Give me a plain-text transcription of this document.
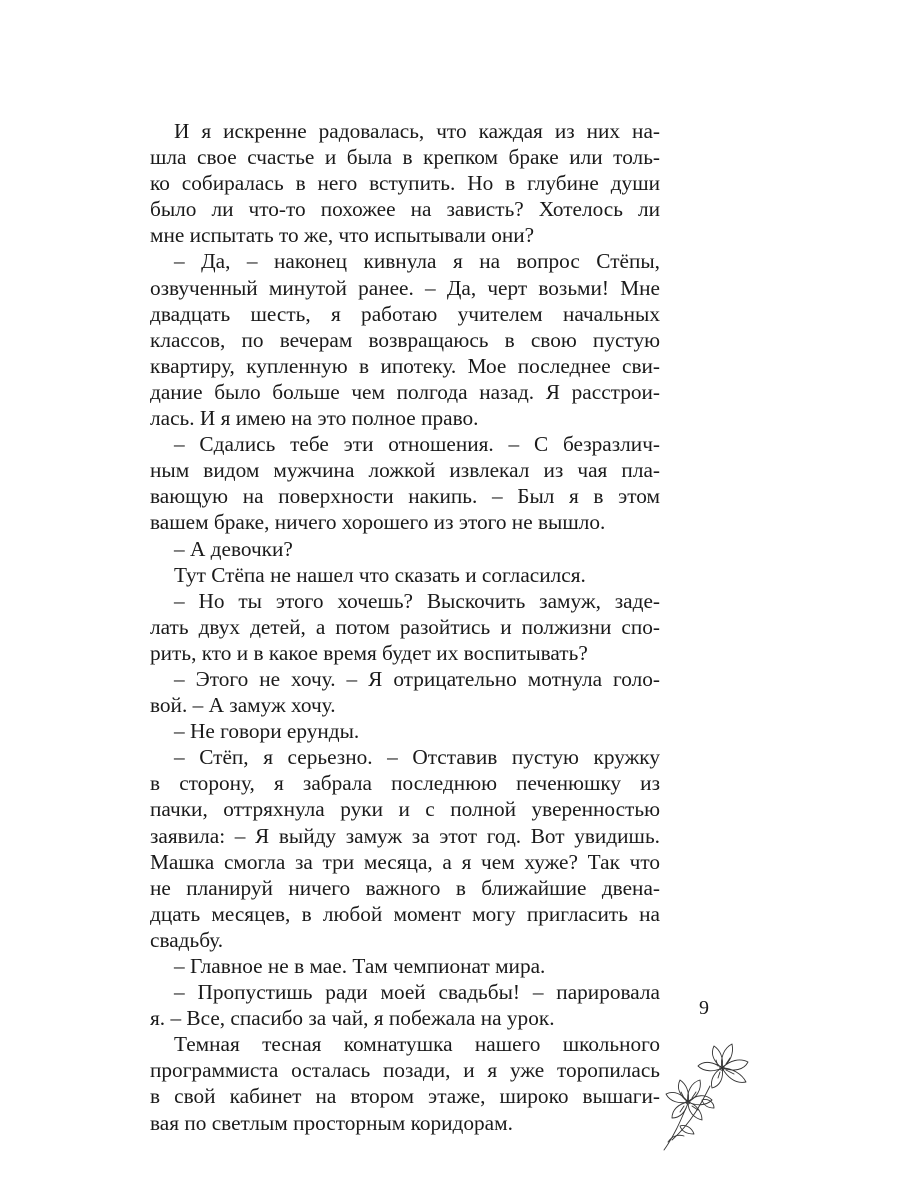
И я искренне радовалась, что каждая из них на-
шла свое счастье и была в крепком браке или толь-
ко собиралась в него вступить. Но в глубине души
было ли что-то похожее на зависть? Хотелось ли
мне испытать то же, что испытывали они?
– Да, – наконец кивнула я на вопрос Стёпы,
озвученный минутой ранее. – Да, черт возьми! Мне
двадцать шесть, я работаю учителем начальных
классов, по вечерам возвращаюсь в свою пустую
квартиру, купленную в ипотеку. Мое последнее сви-
дание было больше чем полгода назад. Я расстрои-
лась. И я имею на это полное право.
– Сдались тебе эти отношения. – С безразлич-
ным видом мужчина ложкой извлекал из чая пла-
вающую на поверхности накипь. – Был я в этом
вашем браке, ничего хорошего из этого не вышло.
– А девочки?
Тут Стёпа не нашел что сказать и согласился.
– Но ты этого хочешь? Выскочить замуж, заде-
лать двух детей, а потом разойтись и полжизни спо-
рить, кто и в какое время будет их воспитывать?
– Этого не хочу. – Я отрицательно мотнула голо-
вой. – А замуж хочу.
– Не говори ерунды.
– Стёп, я серьезно. – Отставив пустую кружку
в сторону, я забрала последнюю печенюшку из
пачки, оттряхнула руки и с полной уверенностью
заявила: – Я выйду замуж за этот год. Вот увидишь.
Машка смогла за три месяца, а я чем хуже? Так что
не планируй ничего важного в ближайшие двена-
дцать месяцев, в любой момент могу пригласить на
свадьбу.
– Главное не в мае. Там чемпионат мира.
– Пропустишь ради моей свадьбы! – парировала
я. – Все, спасибо за чай, я побежала на урок.
Темная тесная комнатушка нашего школьного
программиста осталась позади, и я уже торопилась
в свой кабинет на втором этаже, широко вышаги-
вая по светлым просторным коридорам.
9
